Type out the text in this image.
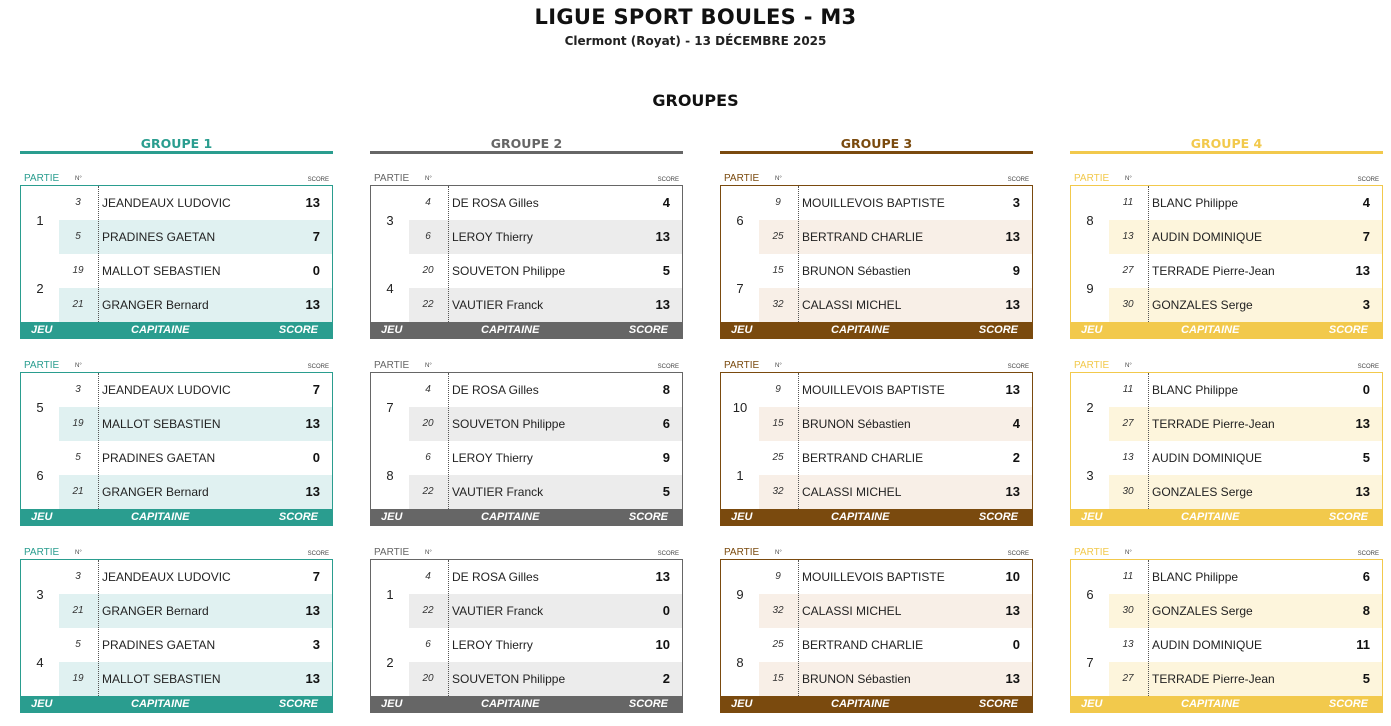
LIGUE SPORT BOULES - M3
Clermont (Royat) - 13 DÉCEMBRE 2025
GROUPES
GROUPE 1
PARTIE	N°	SCORE
1
3	JEANDEAUX LUDOVIC	13
5	PRADINES GAETAN	7
2
19	MALLOT SEBASTIEN	0
21	GRANGER Bernard	13
JEU	CAPITAINE	SCORE
PARTIE	N°	SCORE
5
3	JEANDEAUX LUDOVIC	7
19	MALLOT SEBASTIEN	13
6
5	PRADINES GAETAN	0
21	GRANGER Bernard	13
JEU	CAPITAINE	SCORE
PARTIE	N°	SCORE
3
3	JEANDEAUX LUDOVIC	7
21	GRANGER Bernard	13
4
5	PRADINES GAETAN	3
19	MALLOT SEBASTIEN	13
JEU	CAPITAINE	SCORE
GROUPE 2
PARTIE	N°	SCORE
3
4	DE ROSA Gilles	4
6	LEROY Thierry	13
4
20	SOUVETON Philippe	5
22	VAUTIER Franck	13
JEU	CAPITAINE	SCORE
PARTIE	N°	SCORE
7
4	DE ROSA Gilles	8
20	SOUVETON Philippe	6
8
6	LEROY Thierry	9
22	VAUTIER Franck	5
JEU	CAPITAINE	SCORE
PARTIE	N°	SCORE
1
4	DE ROSA Gilles	13
22	VAUTIER Franck	0
2
6	LEROY Thierry	10
20	SOUVETON Philippe	2
JEU	CAPITAINE	SCORE
GROUPE 3
PARTIE	N°	SCORE
6
9	MOUILLEVOIS BAPTISTE	3
25	BERTRAND CHARLIE	13
7
15	BRUNON Sébastien	9
32	CALASSI MICHEL	13
JEU	CAPITAINE	SCORE
PARTIE	N°	SCORE
10
9	MOUILLEVOIS BAPTISTE	13
15	BRUNON Sébastien	4
1
25	BERTRAND CHARLIE	2
32	CALASSI MICHEL	13
JEU	CAPITAINE	SCORE
PARTIE	N°	SCORE
9
9	MOUILLEVOIS BAPTISTE	10
32	CALASSI MICHEL	13
8
25	BERTRAND CHARLIE	0
15	BRUNON Sébastien	13
JEU	CAPITAINE	SCORE
GROUPE 4
PARTIE	N°	SCORE
8
11	BLANC Philippe	4
13	AUDIN DOMINIQUE	7
9
27	TERRADE Pierre-Jean	13
30	GONZALES Serge	3
JEU	CAPITAINE	SCORE
PARTIE	N°	SCORE
2
11	BLANC Philippe	0
27	TERRADE Pierre-Jean	13
3
13	AUDIN DOMINIQUE	5
30	GONZALES Serge	13
JEU	CAPITAINE	SCORE
PARTIE	N°	SCORE
6
11	BLANC Philippe	6
30	GONZALES Serge	8
7
13	AUDIN DOMINIQUE	11
27	TERRADE Pierre-Jean	5
JEU	CAPITAINE	SCORE
